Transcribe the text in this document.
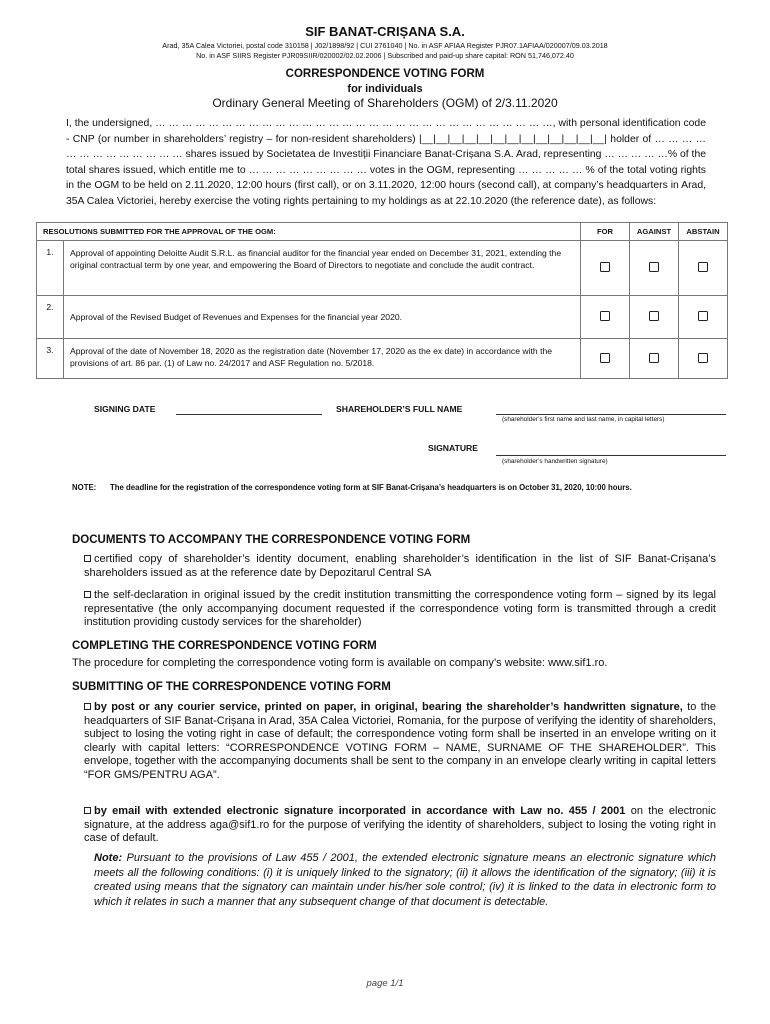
SIF BANAT-CRIȘANA S.A.
Arad, 35A Calea Victoriei, postal code 310158 | J02/1898/92 | CUI 2761040 | No. in ASF AFIAA Register PJR07.1AFIAA/020007/09.03.2018
No. in ASF SIIRS Register PJR09SIIR/020002/02.02.2006 | Subscribed and paid-up share capital: RON 51,746,072.40
CORRESPONDENCE VOTING FORM
for individuals
Ordinary General Meeting of Shareholders (OGM) of 2/3.11.2020
I, the undersigned, … … … … … … … … … … … … … … … … … … … … … … … … … … … … … …, with personal identification code - CNP (or number in shareholders’ registry – for non-resident shareholders) |__|__|__|__|__|__|__|__|__|__|__|__|__| holder of … … … … … … … … … … … … … shares issued by Societatea de Investiții Financiare Banat-Crișana S.A. Arad, representing … … … … …% of the total shares issued, which entitle me to … … … … … … … … … votes in the OGM, representing … … … … … % of the total voting rights in the OGM to be held on 2.11.2020, 12:00 hours (first call), or on 3.11.2020, 12:00 hours (second call), at company’s headquarters in Arad, 35A Calea Victoriei, hereby exercise the voting rights pertaining to my holdings as at 22.10.2020 (the reference date), as follows:
RESOLUTIONS SUBMITTED FOR THE APPROVAL OF THE OGM:		FOR	AGAINST	ABSTAIN
1.	Approval of appointing Deloitte Audit S.R.L. as financial auditor for the financial year ended on December 31, 2021, extending the original contractual term by one year, and empowering the Board of Directors to negotiate and conclude the audit contract.			
2.	Approval of the Revised Budget of Revenues and Expenses for the financial year 2020.			
3.	Approval of the date of November 18, 2020 as the registration date (November 17, 2020 as the ex date) in accordance with the provisions of art. 86 par. (1) of Law no. 24/2017 and ASF Regulation no. 5/2018.			
SIGNING DATE	SHAREHOLDER’S FULL NAME
(shareholder’s first name and last name, in capital letters)
SIGNATURE
(shareholder’s handwritten signature)
NOTE: The deadline for the registration of the correspondence voting form at SIF Banat-Crișana’s headquarters is on October 31, 2020, 10:00 hours.
DOCUMENTS TO ACCOMPANY THE CORRESPONDENCE VOTING FORM
certified copy of shareholder’s identity document, enabling shareholder’s identification in the list of SIF Banat-Crișana’s shareholders issued as at the reference date by Depozitarul Central SA
the self-declaration in original issued by the credit institution transmitting the correspondence voting form – signed by its legal representative (the only accompanying document requested if the correspondence voting form is transmitted through a credit institution providing custody services for the shareholder)
COMPLETING THE CORRESPONDENCE VOTING FORM
The procedure for completing the correspondence voting form is available on company’s website: www.sif1.ro.
SUBMITTING OF THE CORRESPONDENCE VOTING FORM
by post or any courier service, printed on paper, in original, bearing the shareholder’s handwritten signature, to the headquarters of SIF Banat-Crișana in Arad, 35A Calea Victoriei, Romania, for the purpose of verifying the identity of shareholders, subject to losing the voting right in case of default; the correspondence voting form shall be inserted in an envelope writing on it clearly with capital letters: “CORRESPONDENCE VOTING FORM – NAME, SURNAME OF THE SHAREHOLDER”. This envelope, together with the accompanying documents shall be sent to the company in an envelope clearly writing in capital letters “FOR GMS/PENTRU AGA”.
by email with extended electronic signature incorporated in accordance with Law no. 455 / 2001 on the electronic signature, at the address aga@sif1.ro for the purpose of verifying the identity of shareholders, subject to losing the voting right in case of default.
Note: Pursuant to the provisions of Law 455 / 2001, the extended electronic signature means an electronic signature which meets all the following conditions: (i) it is uniquely linked to the signatory; (ii) it allows the identification of the signatory; (iii) it is created using means that the signatory can maintain under his/her sole control; (iv) it is linked to the data in electronic form to which it relates in such a manner that any subsequent change of that document is detectable.
page 1/1
